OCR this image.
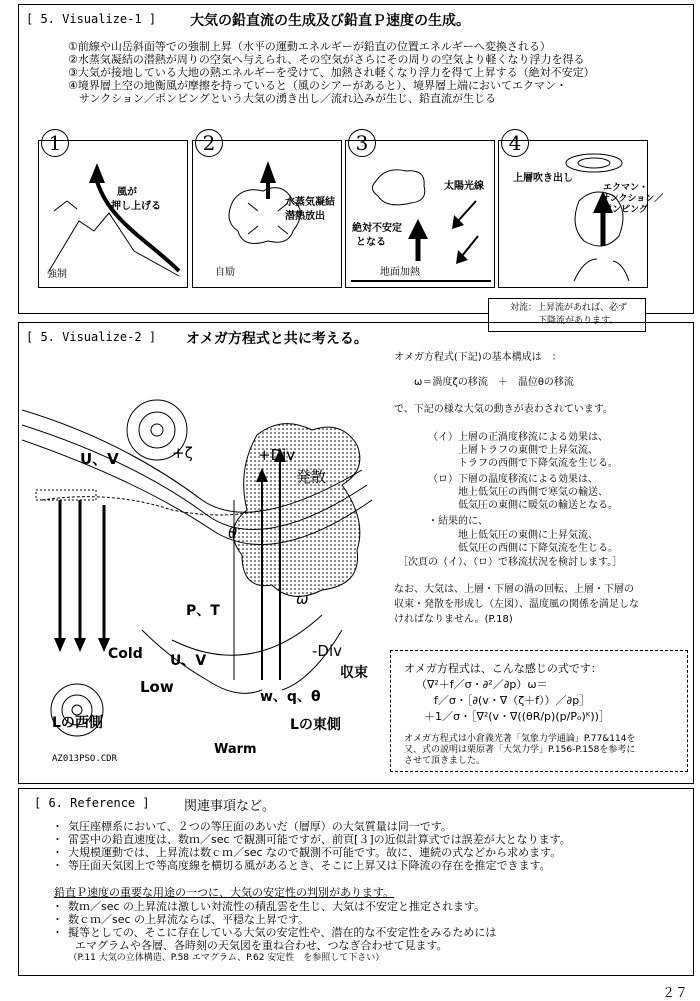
[ 5. Visualize-1 ] 大気の鉛直流の生成及び鉛直Ｐ速度の生成。
①前線や山岳斜面等での強制上昇（水平の運動エネルギーが鉛直の位置エネルギーへ変換される）
②水蒸気凝結の潜熱が周りの空気へ与えられ、その空気がさらにその周りの空気より軽くなり浮力を得る
③大気が接地している大地の熱エネルギーを受けて、加熱され軽くなり浮力を得て上昇する（絶対不安定）
④境界層上空の地衡風が摩擦を持っていると（風のシアーがあると）、境界層上端においてエクマン・
　サンクション／ポンピングという大気の湧き出し／流れ込みが生じ、鉛直流が生じる
1
風が
押し上げる
強制
2
水蒸気凝結
潜熱放出
自励
3
太陽光線
絶対不安定
となる
地面加熱
4
上層吹き出し
エクマン・
サンクション／
ポンピング
対流：上昇流があれば、必ず
下降流があります。
[ 5. Visualize-2 ] オメガ方程式と共に考える。
U、V	+ζ	+Div
発散
θ
P、T
ω
Cold U、V
-Div
収束
Low
w、q、θ
Lの西側	Lの東側
Warm
AZ013PSO.CDR
オメガ方程式(下記)の基本構成は　：
ω＝渦度ζの移流　＋　温位θの移流
で、下記の様な大気の動きが表わされています。
（イ）上層の正渦度移流による効果は、
上層トラフの東側で上昇気流、
トラフの西側で下降気流を生じる。
（ロ）下層の温度移流による効果は、
地上低気圧の西側で寒気の輸送、
低気圧の東側に暖気の輸送となる。
・結果的に、
地上低気圧の東側に上昇気流、
低気圧の西側に下降気流を生じる。
［次頁の（イ）、（ロ）で移流状況を検討します。］
なお、大気は、上層・下層の渦の回転、上層・下層の
収束・発散を形成し（左図）、温度風の関係を満足しな
ければなりません。(P.18)
オメガ方程式は、こんな感じの式です：
（∇²＋f／σ・∂²／∂p）ω＝
f／σ・［∂(v・∇（ζ＋f））／∂p］
＋1／σ・［∇²(v・∇((θR/p)(p/Pₒ)ᴷ))］
オメガ方程式は小倉義光著「気象力学通論」P.77&114を
又、式の説明は栗原著「大気力学」P.156-P.158を参考に
させて頂きました。
[ 6. Reference ]	関連事項など。
・ 気圧座標系において、２つの等圧面のあいだ（層厚）の大気質量は同一です。
・ 雷雲中の鉛直速度は、数ｍ／sec で観測可能ですが、前頁[３]の近似計算式では誤差が大となります。
・ 大規模運動では、上昇流は数ｃｍ／sec なので観測不可能です。故に、連続の式などから求めます。
・ 等圧面天気図上で等高度線を横切る風があるとき、そこに上昇又は下降流の存在を推定できます。
鉛直Ｐ速度の重要な用途の一つに、大気の安定性の判別があります。
・ 数ｍ／sec の上昇流は激しい対流性の積乱雲を生じ、大気は不安定と推定されます。
・ 数ｃｍ／sec の上昇流ならば、平穏な上昇です。
・ 擬等としての、そこに存在している大気の安定性や、潜在的な不安定性をみるためには
　エマグラムや各層、各時刻の天気図を重ね合わせ、つなぎ合わせて見ます。
　（P.11 大気の立体構造、P.58 エマグラム、P.62 安定性　を参照して下さい）
２７
